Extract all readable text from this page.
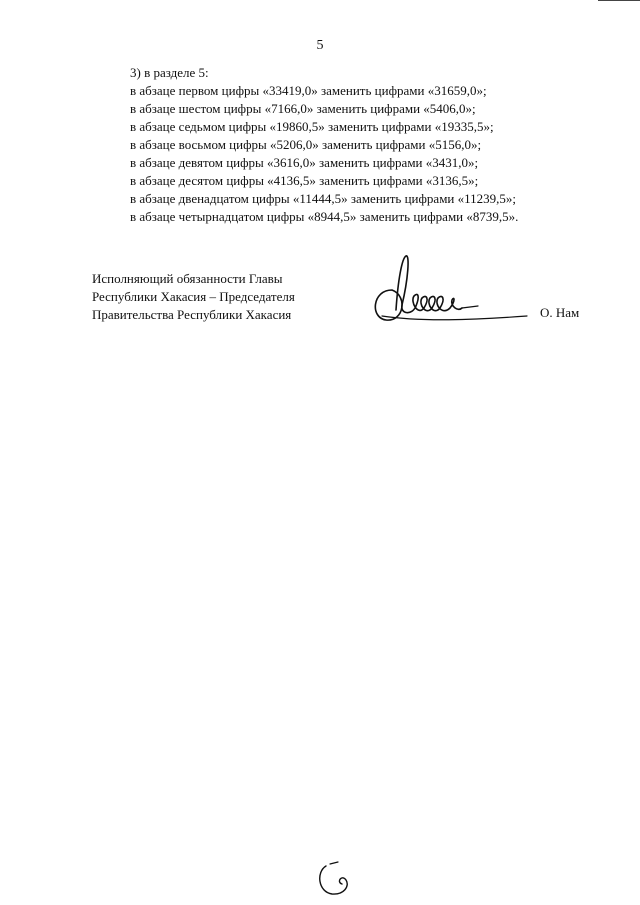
5
3) в разделе 5:
в абзаце первом цифры «33419,0» заменить цифрами «31659,0»;
в абзаце шестом цифры «7166,0» заменить цифрами «5406,0»;
в абзаце седьмом цифры «19860,5» заменить цифрами «19335,5»;
в абзаце восьмом цифры «5206,0» заменить цифрами «5156,0»;
в абзаце девятом цифры «3616,0» заменить цифрами «3431,0»;
в абзаце десятом цифры «4136,5» заменить цифрами «3136,5»;
в абзаце двенадцатом цифры «11444,5» заменить цифрами «11239,5»;
в абзаце четырнадцатом цифры «8944,5» заменить цифрами «8739,5».
Исполняющий обязанности Главы
Республики Хакасия – Председателя
Правительства Республики Хакасия	О. Нам
